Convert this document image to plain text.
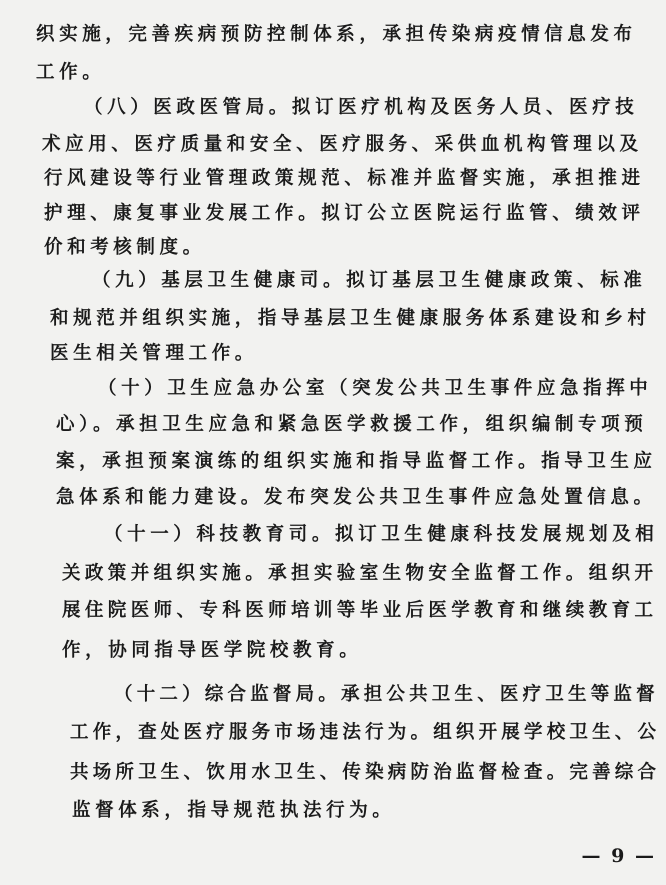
织实施，完善疾病预防控制体系，承担传染病疫情信息发布
工作。
（八）医政医管局。拟订医疗机构及医务人员、医疗技
术应用、医疗质量和安全、医疗服务、采供血机构管理以及
行风建设等行业管理政策规范、标准并监督实施，承担推进
护理、康复事业发展工作。拟订公立医院运行监管、绩效评
价和考核制度。
（九）基层卫生健康司。拟订基层卫生健康政策、标准
和规范并组织实施，指导基层卫生健康服务体系建设和乡村
医生相关管理工作。
（十）卫生应急办公室（突发公共卫生事件应急指挥中
心）。承担卫生应急和紧急医学救援工作，组织编制专项预
案，承担预案演练的组织实施和指导监督工作。指导卫生应
急体系和能力建设。发布突发公共卫生事件应急处置信息。
（十一）科技教育司。拟订卫生健康科技发展规划及相
关政策并组织实施。承担实验室生物安全监督工作。组织开
展住院医师、专科医师培训等毕业后医学教育和继续教育工
作，协同指导医学院校教育。
（十二）综合监督局。承担公共卫生、医疗卫生等监督
工作，查处医疗服务市场违法行为。组织开展学校卫生、公
共场所卫生、饮用水卫生、传染病防治监督检查。完善综合
监督体系，指导规范执法行为。
— 9 —
